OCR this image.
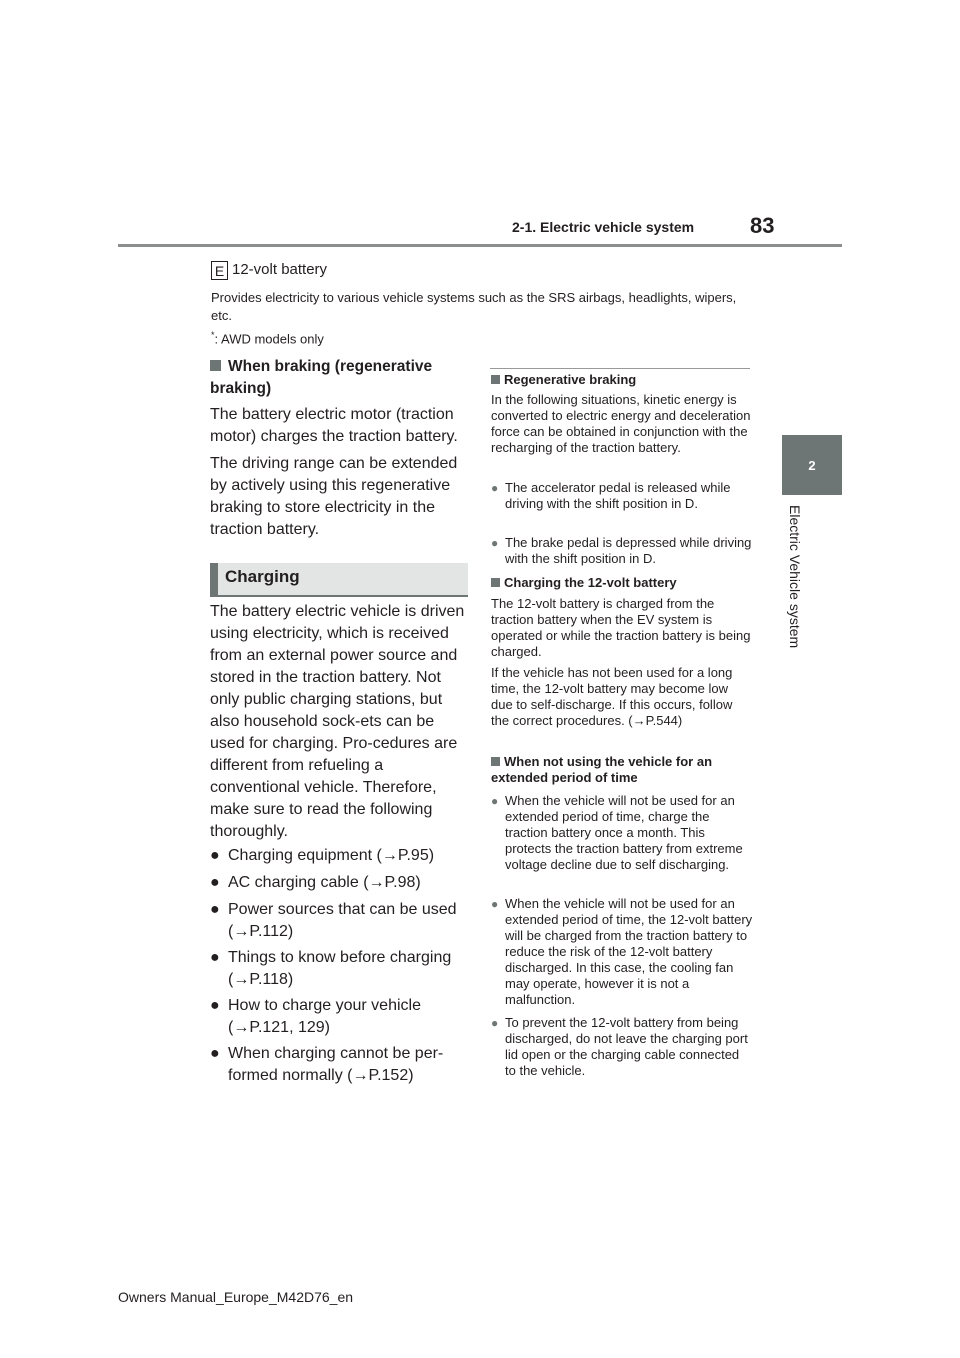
2-1. Electric vehicle system	83
2
Electric Vehicle system
E 12-volt battery
Provides electricity to various vehicle systems such as the SRS airbags, headlights, wipers, etc.
*: AWD models only
When braking (regenerative braking)
The battery electric motor (traction motor) charges the traction battery.
The driving range can be extended by actively using this regenerative braking to store electricity in the traction battery.
Charging
The battery electric vehicle is driven using electricity, which is received from an external power source and stored in the traction battery. Not only public charging stations, but also household sock-ets can be used for charging. Pro-cedures are different from refueling a conventional vehicle. Therefore, make sure to read the following thoroughly.
● Charging equipment (→P.95)
● AC charging cable (→P.98)
● Power sources that can be used (→P.112)
● Things to know before charging (→P.118)
● How to charge your vehicle (→P.121, 129)
● When charging cannot be per-formed normally (→P.152)
Regenerative braking
In the following situations, kinetic energy is converted to electric energy and deceleration force can be obtained in conjunction with the recharging of the traction battery.
● The accelerator pedal is released while driving with the shift position in D.
● The brake pedal is depressed while driving with the shift position in D.
Charging the 12-volt battery
The 12-volt battery is charged from the traction battery when the EV system is operated or while the traction battery is being charged.
If the vehicle has not been used for a long time, the 12-volt battery may become low due to self-discharge. If this occurs, follow the correct procedures. (→P.544)
When not using the vehicle for an extended period of time
● When the vehicle will not be used for an extended period of time, charge the traction battery once a month. This protects the traction battery from extreme voltage decline due to self discharging.
● When the vehicle will not be used for an extended period of time, the 12-volt battery will be charged from the traction battery to reduce the risk of the 12-volt battery discharged. In this case, the cooling fan may operate, however it is not a malfunction.
● To prevent the 12-volt battery from being discharged, do not leave the charging port lid open or the charging cable connected to the vehicle.
Owners Manual_Europe_M42D76_en
